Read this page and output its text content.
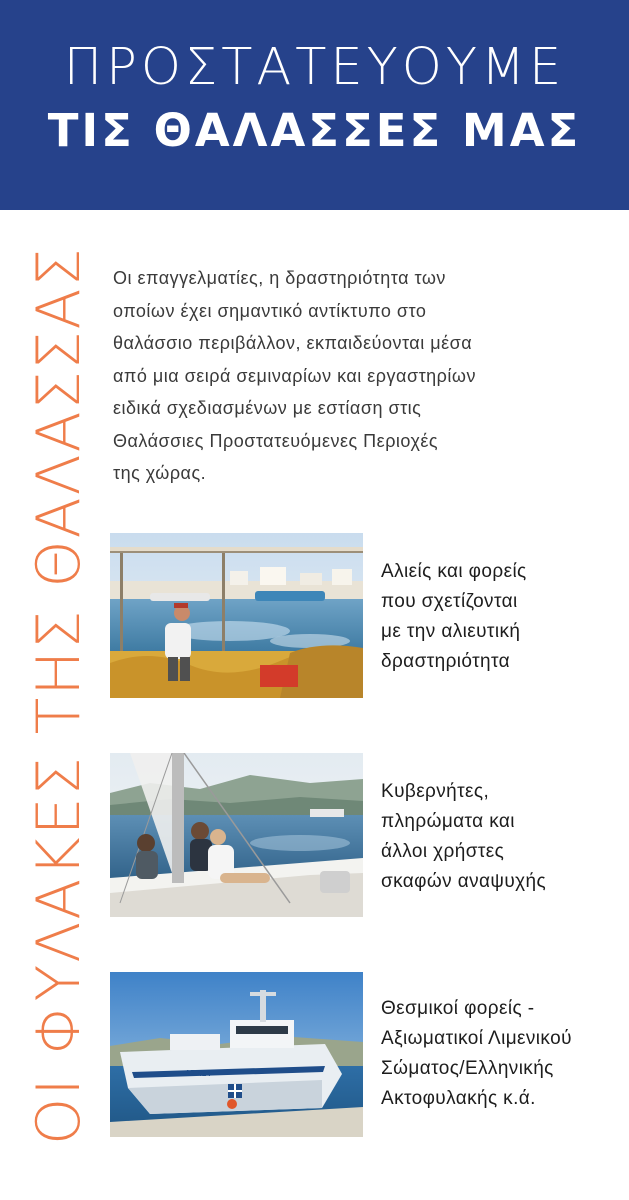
ΠΡΟΣΤΑΤΕΥΟΥΜΕ
ΤΙΣ ΘΑΛΑΣΣΕΣ ΜΑΣ
ΟΙ ΦΥΛΑΚΕΣ ΤΗΣ ΘΑΛΑΣΣΑΣ Οι επαγγελματίες, η δραστηριότητα των
οποίων έχει σημαντικό αντίκτυπο στο
θαλάσσιο περιβάλλον, εκπαιδεύονται μέσα
από μια σειρά σεμιναρίων και εργαστηρίων
ειδικά σχεδιασμένων με εστίαση στις
Θαλάσσιες Προστατευόμενες Περιοχές
της χώρας.
Αλιείς και φορείς
που σχετίζονται
με την αλιευτική
δραστηριότητα
Κυβερνήτες,
πληρώματα και
άλλοι χρήστες
σκαφών αναψυχής
ΛΣ 414
Θεσμικοί φορείς -
Αξιωματικοί Λιμενικού
Σώματος/Ελληνικής
Ακτοφυλακής κ.ά.
